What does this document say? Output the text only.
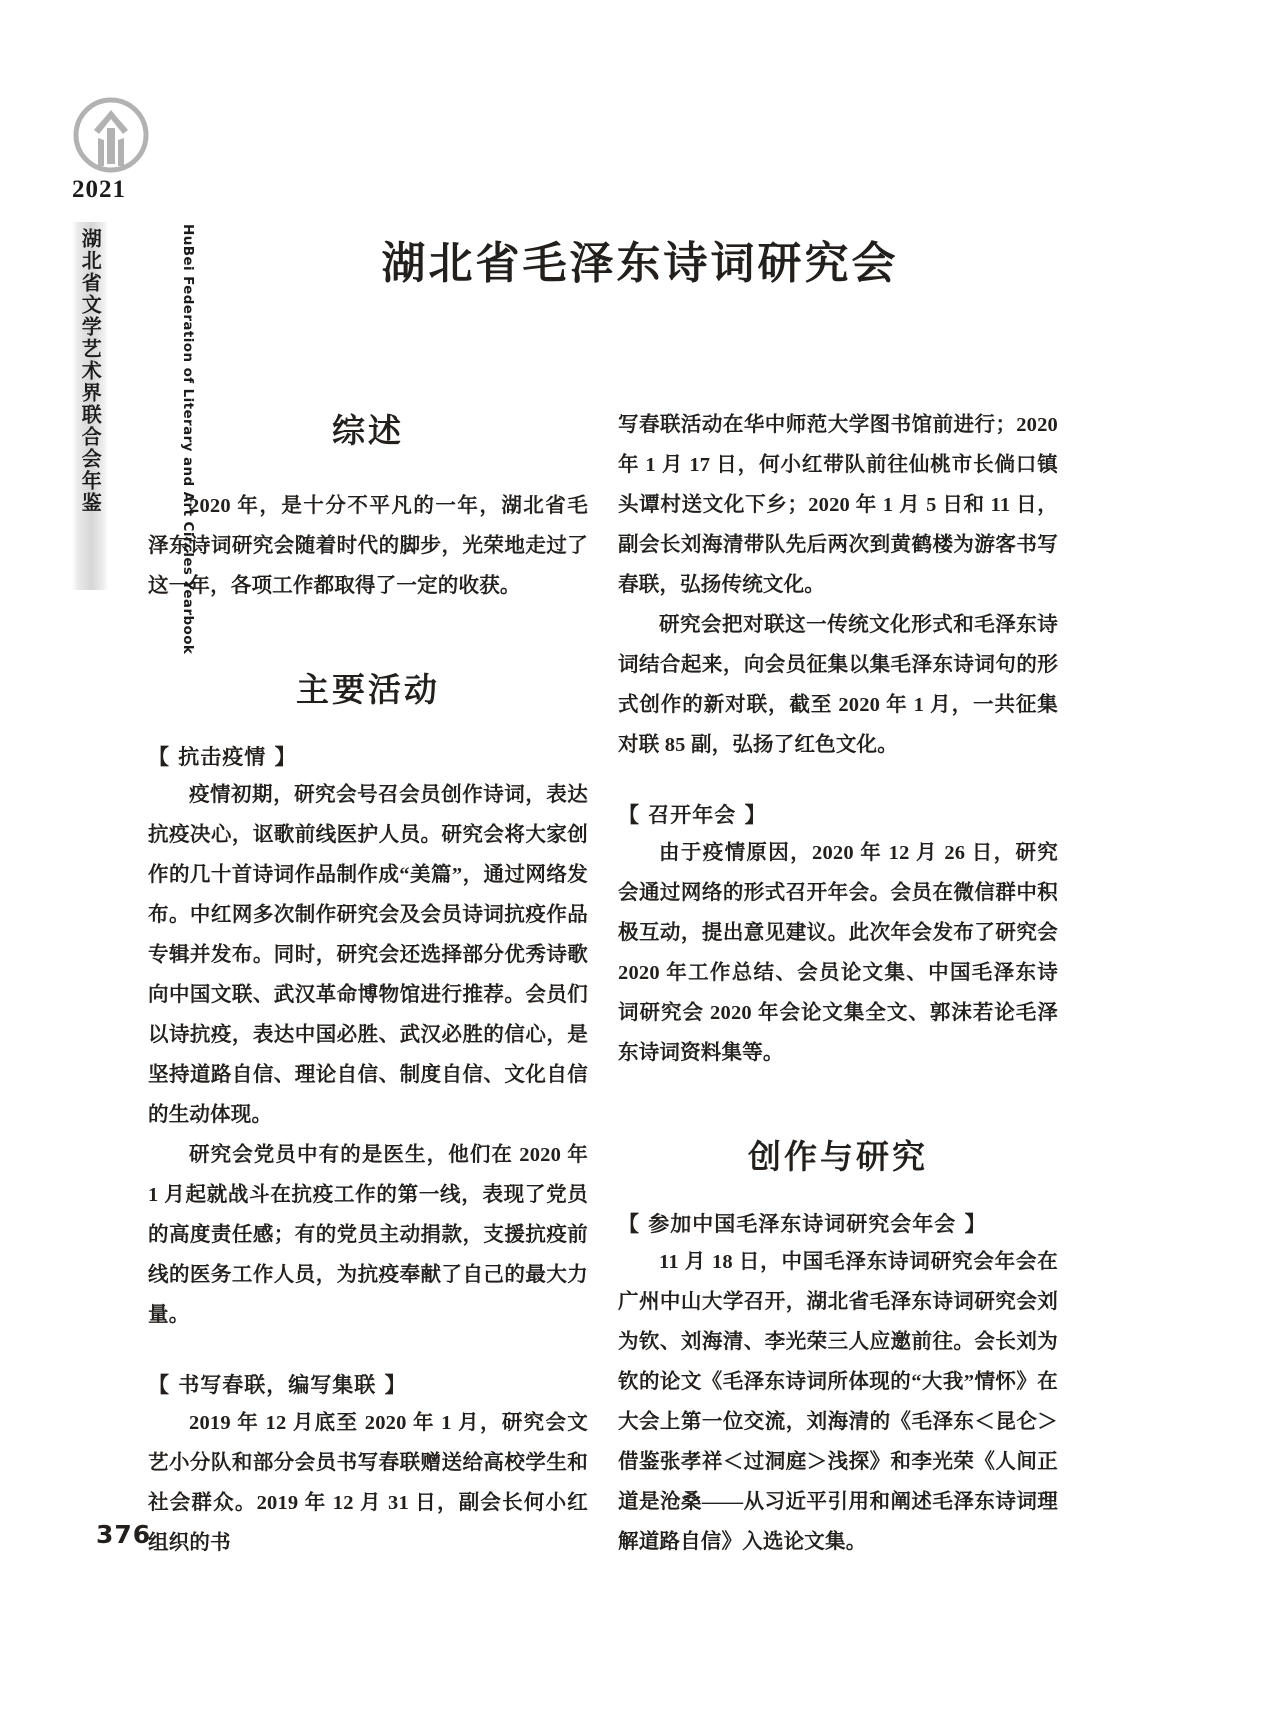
2021
湖北省文学艺术界联合会年鉴	HuBei Federation of Literary and Art Circles Yearbook	湖北省毛泽东诗词研究会
综述

2020 年，是十分不平凡的一年，湖北省毛泽东诗词研究会随着时代的脚步，光荣地走过了这一年，各项工作都取得了一定的收获。

主要活动
【 抗击疫情 】

疫情初期，研究会号召会员创作诗词，表达抗疫决心，讴歌前线医护人员。研究会将大家创作的几十首诗词作品制作成“美篇”，通过网络发布。中红网多次制作研究会及会员诗词抗疫作品专辑并发布。同时，研究会还选择部分优秀诗歌向中国文联、武汉革命博物馆进行推荐。会员们以诗抗疫，表达中国必胜、武汉必胜的信心，是坚持道路自信、理论自信、制度自信、文化自信的生动体现。

研究会党员中有的是医生，他们在 2020 年 1 月起就战斗在抗疫工作的第一线，表现了党员的高度责任感；有的党员主动捐款，支援抗疫前线的医务工作人员，为抗疫奉献了自己的最大力量。

【 书写春联，编写集联 】

2019 年 12 月底至 2020 年 1 月，研究会文艺小分队和部分会员书写春联赠送给高校学生和社会群众。2019 年 12 月 31 日，副会长何小红组织的书

写春联活动在华中师范大学图书馆前进行；2020 年 1 月 17 日，何小红带队前往仙桃市长倘口镇头谭村送文化下乡；2020 年 1 月 5 日和 11 日，副会长刘海清带队先后两次到黄鹤楼为游客书写春联，弘扬传统文化。

研究会把对联这一传统文化形式和毛泽东诗词结合起来，向会员征集以集毛泽东诗词句的形式创作的新对联，截至 2020 年 1 月，一共征集对联 85 副，弘扬了红色文化。

【 召开年会 】

由于疫情原因，2020 年 12 月 26 日，研究会通过网络的形式召开年会。会员在微信群中积极互动，提出意见建议。此次年会发布了研究会 2020 年工作总结、会员论文集、中国毛泽东诗词研究会 2020 年会论文集全文、郭沫若论毛泽东诗词资料集等。

创作与研究
【 参加中国毛泽东诗词研究会年会 】

11 月 18 日，中国毛泽东诗词研究会年会在广州中山大学召开，湖北省毛泽东诗词研究会刘为钦、刘海清、李光荣三人应邀前往。会长刘为钦的论文《毛泽东诗词所体现的“大我”情怀》在大会上第一位交流，刘海清的《毛泽东＜昆仑＞借鉴张孝祥＜过洞庭＞浅探》和李光荣《人间正道是沧桑——从习近平引用和阐述毛泽东诗词理解道路自信》入选论文集。

376
